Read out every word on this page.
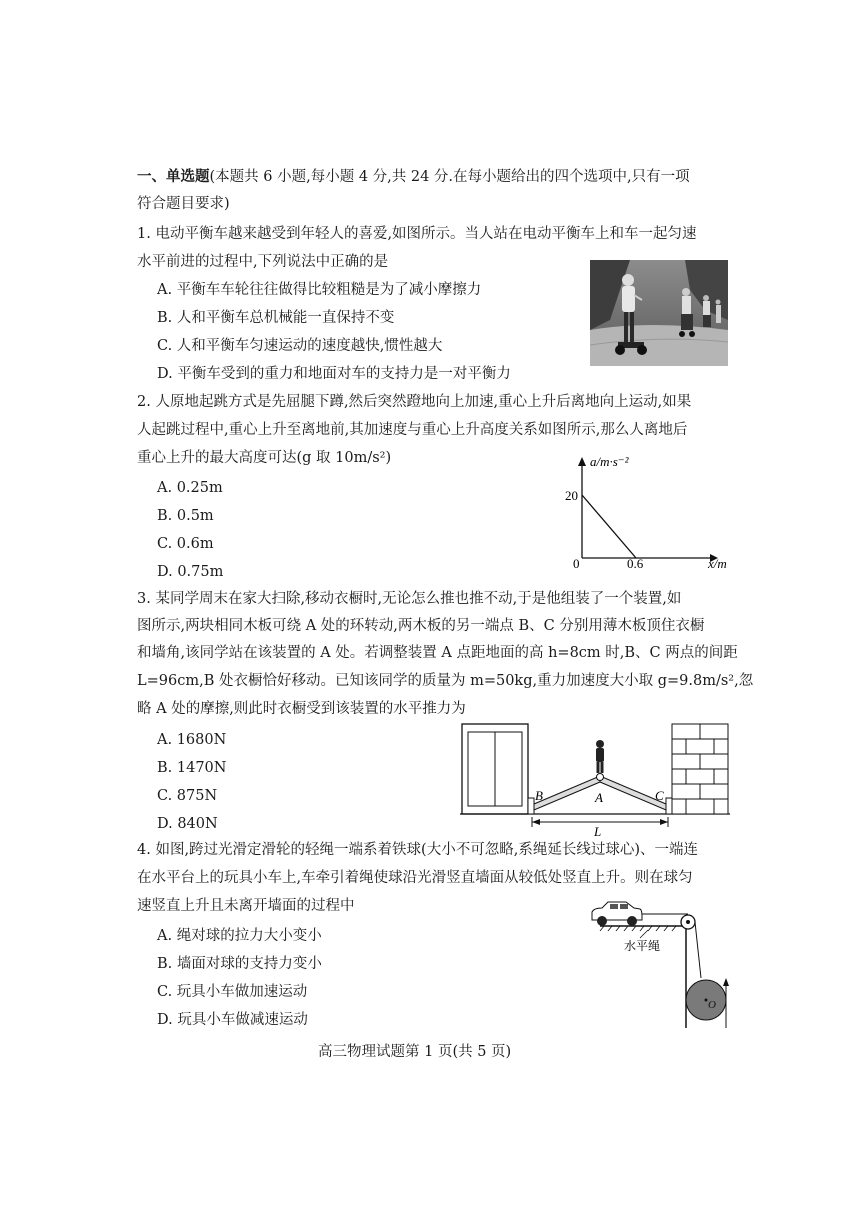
一、单选题(本题共 6 小题,每小题 4 分,共 24 分.在每小题给出的四个选项中,只有一项
符合题目要求)
1. 电动平衡车越来越受到年轻人的喜爱,如图所示。当人站在电动平衡车上和车一起匀速
水平前进的过程中,下列说法中正确的是
A. 平衡车车轮往往做得比较粗糙是为了减小摩擦力
B. 人和平衡车总机械能一直保持不变
C. 人和平衡车匀速运动的速度越快,惯性越大
D. 平衡车受到的重力和地面对车的支持力是一对平衡力
2. 人原地起跳方式是先屈腿下蹲,然后突然蹬地向上加速,重心上升后离地向上运动,如果
人起跳过程中,重心上升至离地前,其加速度与重心上升高度关系如图所示,那么人离地后
重心上升的最大高度可达(g 取 10m/s²)
A. 0.25m
B. 0.5m
C. 0.6m
D. 0.75m
a/m·s⁻²
20
0	0.6	x/m
3. 某同学周末在家大扫除,移动衣橱时,无论怎么推也推不动,于是他组装了一个装置,如
图所示,两块相同木板可绕 A 处的环转动,两木板的另一端点 B、C 分别用薄木板顶住衣橱
和墙角,该同学站在该装置的 A 处。若调整装置 A 点距地面的高 h=8cm 时,B、C 两点的间距
L=96cm,B 处衣橱恰好移动。已知该同学的质量为 m=50kg,重力加速度大小取 g=9.8m/s²,忽
略 A 处的摩擦,则此时衣橱受到该装置的水平推力为
A. 1680N
B. 1470N
C. 875N
D. 840N
B	A	C
L
4. 如图,跨过光滑定滑轮的轻绳一端系着铁球(大小不可忽略,系绳延长线过球心)、一端连
在水平台上的玩具小车上,车牵引着绳使球沿光滑竖直墙面从较低处竖直上升。则在球匀
速竖直上升且未离开墙面的过程中
A. 绳对球的拉力大小变小
B. 墙面对球的支持力变小
C. 玩具小车做加速运动
D. 玩具小车做减速运动
O
水平绳
高三物理试题第 1 页(共 5 页)
